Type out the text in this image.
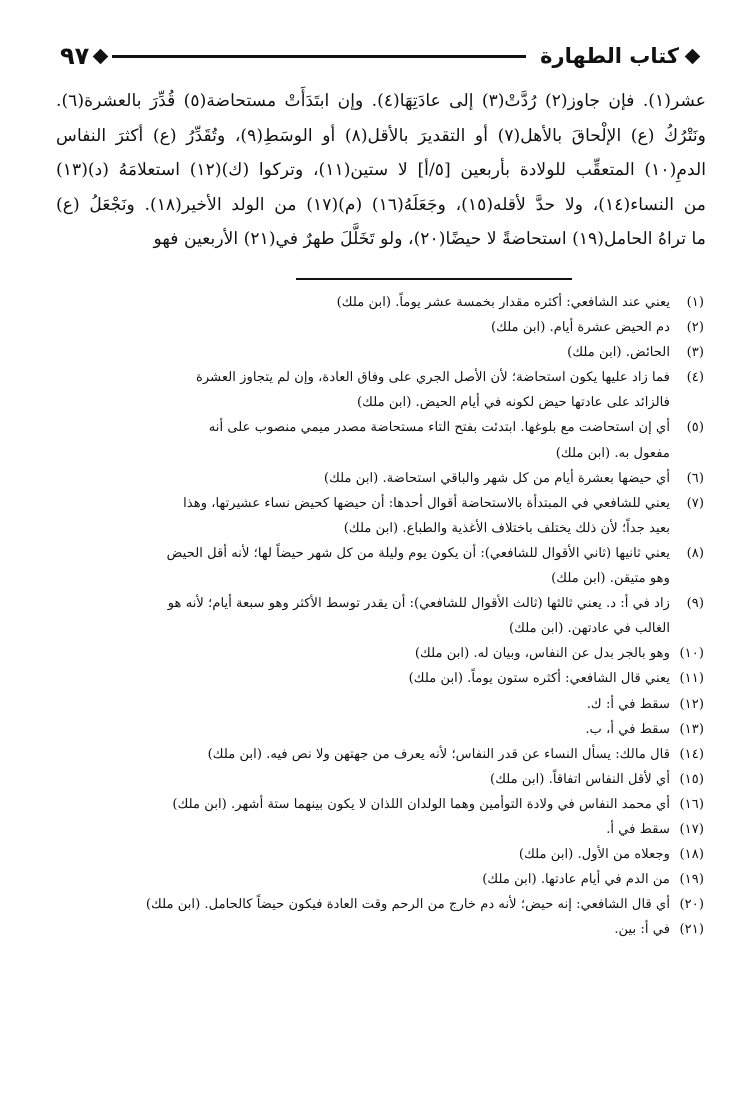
كتاب الطهارة
٩٧
عشر(١). فإن جاوز(٢) رُدَّتْ(٣) إلى عادَتِهَا(٤). وإن ابتَدَأَتْ مستحاضة(٥) قُدِّرَ بالعشرة(٦).
ونَتْرُكُ (ع) الإلْحاقَ بالأهل(٧) أو التقديرَ بالأقل(٨) أو الوسَطِ(٩)، وتُقَدِّرُ (ع) أكثرَ النفاس
الدمِ(١٠) المتعقِّب للولادة بأربعين [٥/أ] لا ستين(١١)، وتركوا (ك)(١٢) استعلامَهُ (د)(١٣)
من النساء(١٤)، ولا حدَّ لأقله(١٥)، وجَعَلَهُ(١٦) (م)(١٧) من الولد الأخير(١٨). ونَجْعَلُ (ع)
ما تراهُ الحامل(١٩) استحاضةً لا حيضًا(٢٠)، ولو تَخَلَّلَ طهرٌ في(٢١) الأربعين فهو
(١)يعني عند الشافعي: أكثره مقدار بخمسة عشر يوماً. (ابن ملك)
(٢)دم الحيض عشرة أيام. (ابن ملك)
(٣)الحائض. (ابن ملك)
(٤)فما زاد عليها يكون استحاضة؛ لأن الأصل الجري على وفاق العادة، وإن لم يتجاوز العشرة
فالزائد على عادتها حيض لكونه في أيام الحيض. (ابن ملك)
(٥)أي إن استحاضت مع بلوغها. ابتدئت بفتح التاء مستحاضة مصدر ميمي منصوب على أنه
مفعول به. (ابن ملك)
(٦)أي حيضها بعشرة أيام من كل شهر والباقي استحاضة. (ابن ملك)
(٧)يعني للشافعي في المبتدأة بالاستحاضة أقوال أحدها: أن حيضها كحيض نساء عشيرتها، وهذا
بعيد جداً؛ لأن ذلك يختلف باختلاف الأغذية والطباع. (ابن ملك)
(٨)يعني ثانيها (ثاني الأقوال للشافعي): أن يكون يوم وليلة من كل شهر حيضاً لها؛ لأنه أقل الحيض
وهو متيقن. (ابن ملك)
(٩)زاد في أ: د. يعني ثالثها (ثالث الأقوال للشافعي): أن يقدر توسط الأكثر وهو سبعة أيام؛ لأنه هو
الغالب في عادتهن. (ابن ملك)
(١٠)وهو بالجر بدل عن النفاس، وبيان له. (ابن ملك)
(١١)يعني قال الشافعي: أكثره ستون يوماً. (ابن ملك)
(١٢)سقط في أ: ك.
(١٣)سقط في أ، ب.
(١٤)قال مالك: يسأل النساء عن قدر النفاس؛ لأنه يعرف من جهتهن ولا نص فيه. (ابن ملك)
(١٥)أي لأقل النفاس اتفاقاً. (ابن ملك)
(١٦)أي محمد النفاس في ولادة التوأمين وهما الولدان اللذان لا يكون بينهما ستة أشهر. (ابن ملك)
(١٧)سقط في أ.
(١٨)وجعلاه من الأول. (ابن ملك)
(١٩)من الدم في أيام عادتها. (ابن ملك)
(٢٠)أي قال الشافعي: إنه حيض؛ لأنه دم خارج من الرحم وقت العادة فيكون حيضاً كالحامل. (ابن ملك)
(٢١)في أ: بين.
